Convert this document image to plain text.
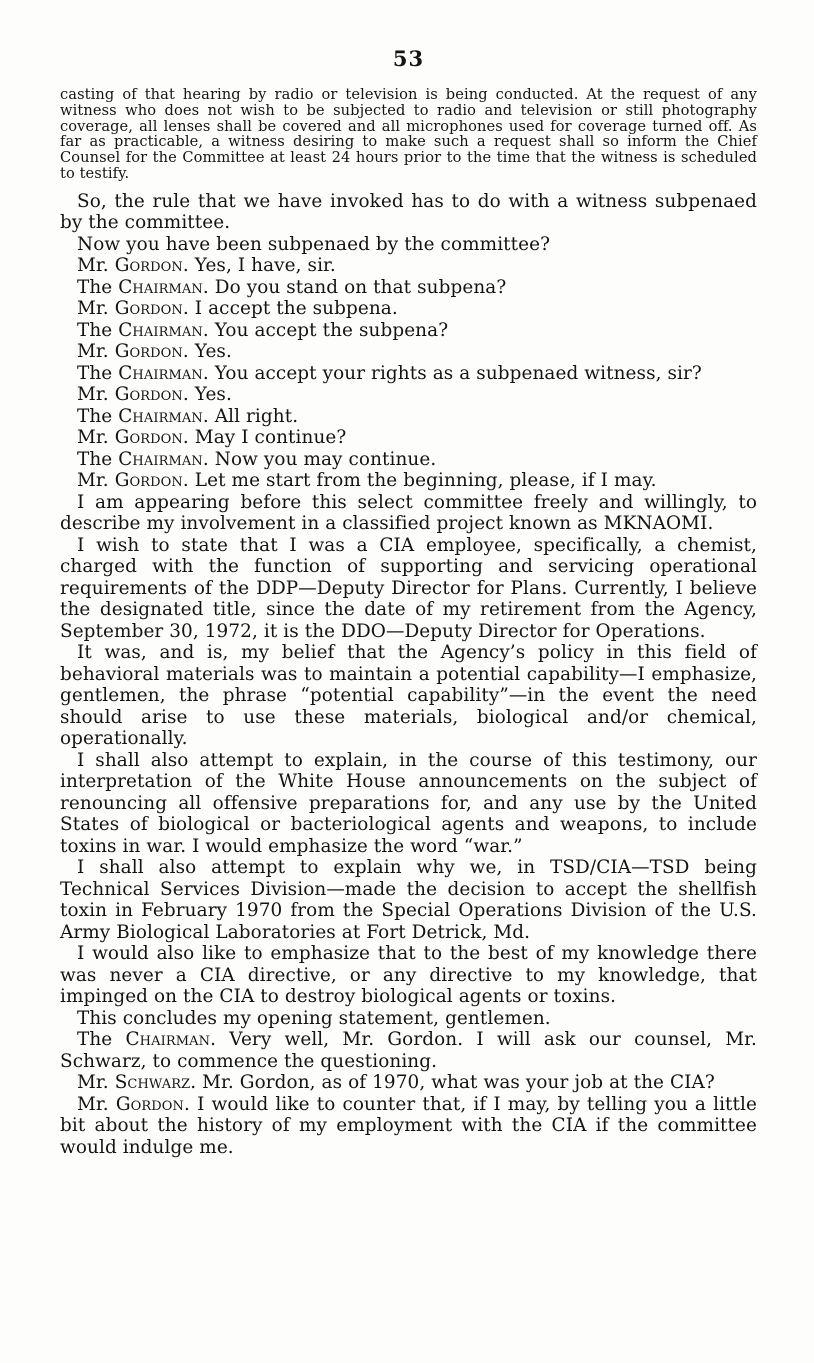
53

casting of that hearing by radio or television is being conducted. At the request of any witness who does not wish to be subjected to radio and television or still photography coverage, all lenses shall be covered and all microphones used for coverage turned off. As far as practicable, a witness desiring to make such a request shall so inform the Chief Counsel for the Committee at least 24 hours prior to the time that the witness is scheduled to testify.

So, the rule that we have invoked has to do with a witness subpenaed by the committee.

Now you have been subpenaed by the committee?

Mr. Gordon. Yes, I have, sir.

The Chairman. Do you stand on that subpena?

Mr. Gordon. I accept the subpena.

The Chairman. You accept the subpena?

Mr. Gordon. Yes.

The Chairman. You accept your rights as a subpenaed witness, sir?

Mr. Gordon. Yes.

The Chairman. All right.

Mr. Gordon. May I continue?

The Chairman. Now you may continue.

Mr. Gordon. Let me start from the beginning, please, if I may.

I am appearing before this select committee freely and willingly, to describe my involvement in a classified project known as MKNAOMI.

I wish to state that I was a CIA employee, specifically, a chemist, charged with the function of supporting and servicing operational requirements of the DDP—Deputy Director for Plans. Currently, I believe the designated title, since the date of my retirement from the Agency, September 30, 1972, it is the DDO—Deputy Director for Operations.

It was, and is, my belief that the Agency’s policy in this field of behavioral materials was to maintain a potential capability—I emphasize, gentlemen, the phrase “potential capability”—in the event the need should arise to use these materials, biological and/or chemical, operationally.

I shall also attempt to explain, in the course of this testimony, our interpretation of the White House announcements on the subject of renouncing all offensive preparations for, and any use by the United States of biological or bacteriological agents and weapons, to include toxins in war. I would emphasize the word “war.”

I shall also attempt to explain why we, in TSD/CIA—TSD being Technical Services Division—made the decision to accept the shellfish toxin in February 1970 from the Special Operations Division of the U.S. Army Biological Laboratories at Fort Detrick, Md.

I would also like to emphasize that to the best of my knowledge there was never a CIA directive, or any directive to my knowledge, that impinged on the CIA to destroy biological agents or toxins.

This concludes my opening statement, gentlemen.

The Chairman. Very well, Mr. Gordon. I will ask our counsel, Mr. Schwarz, to commence the questioning.

Mr. Schwarz. Mr. Gordon, as of 1970, what was your job at the CIA?

Mr. Gordon. I would like to counter that, if I may, by telling you a little bit about the history of my employment with the CIA if the committee would indulge me.
